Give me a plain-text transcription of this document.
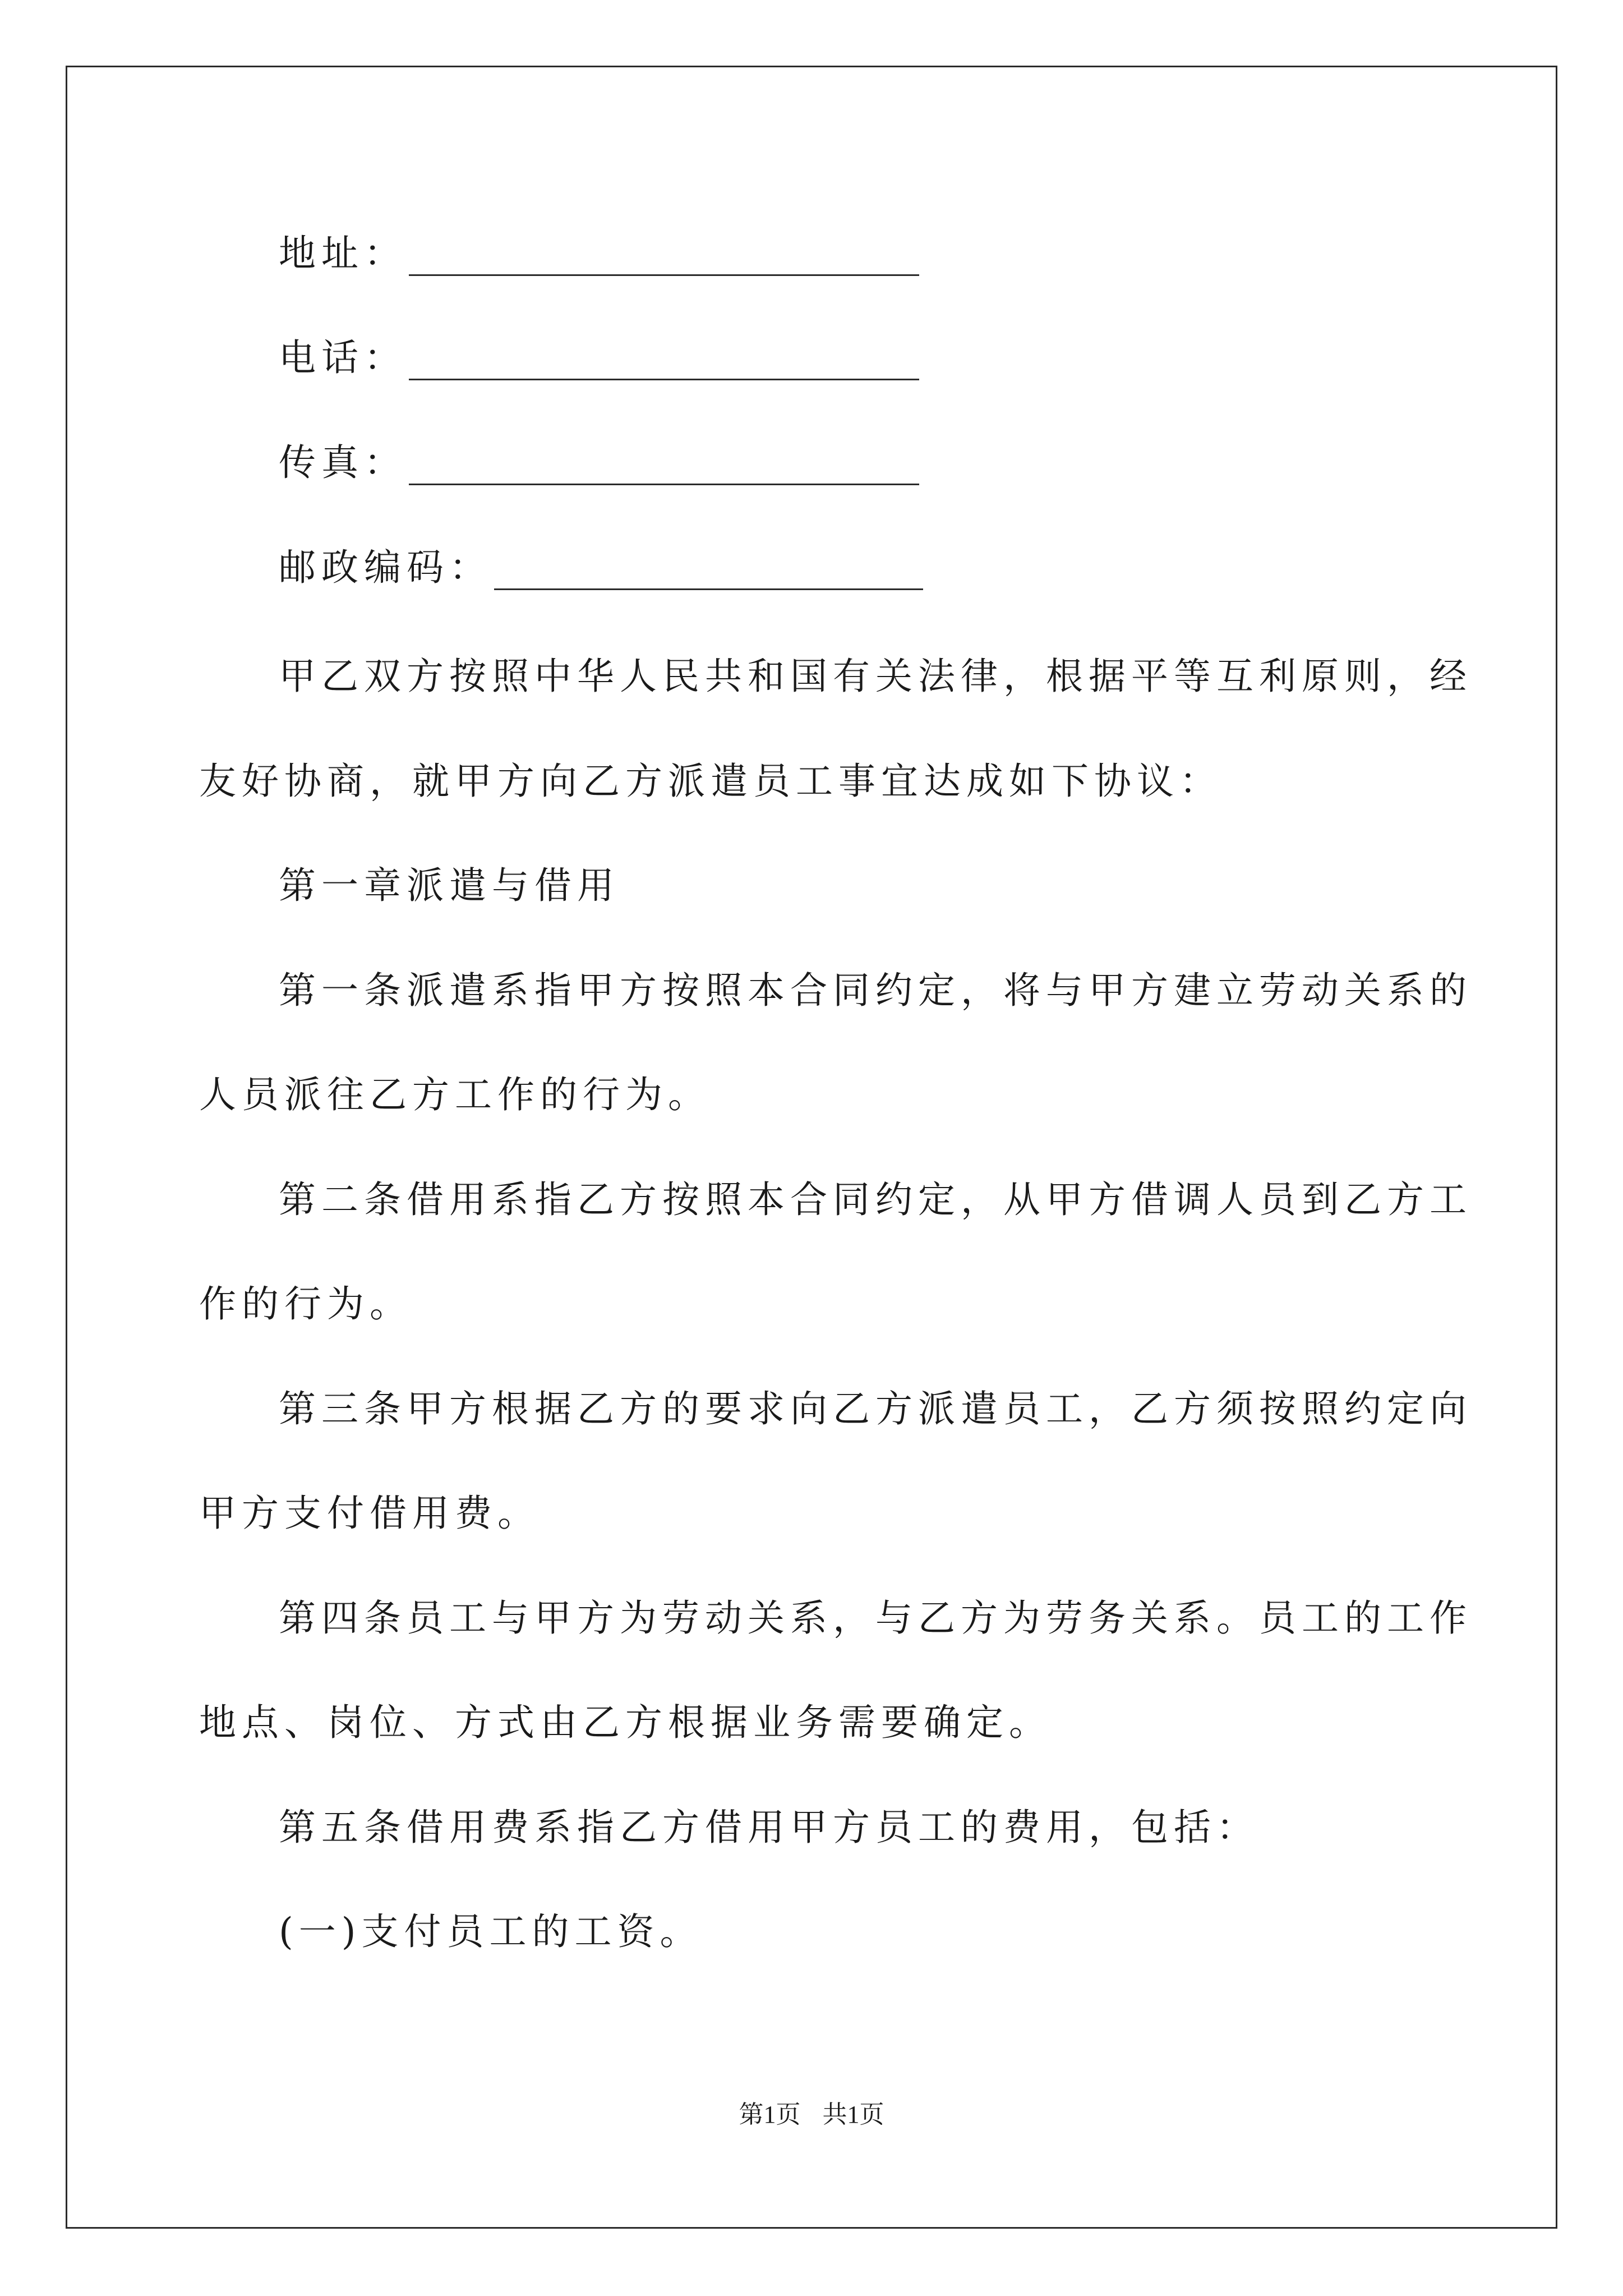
地址：
电话：
传真：
邮政编码：
甲乙双方按照中华人民共和国有关法律，根据平等互利原则，经
友好协商，就甲方向乙方派遣员工事宜达成如下协议：
第一章派遣与借用
第一条派遣系指甲方按照本合同约定，将与甲方建立劳动关系的
人员派往乙方工作的行为。
第二条借用系指乙方按照本合同约定，从甲方借调人员到乙方工
作的行为。
第三条甲方根据乙方的要求向乙方派遣员工，乙方须按照约定向
甲方支付借用费。
第四条员工与甲方为劳动关系，与乙方为劳务关系。员工的工作
地点、岗位、方式由乙方根据业务需要确定。
第五条借用费系指乙方借用甲方员工的费用，包括：
(一)支付员工的工资。
第1页 共1页
